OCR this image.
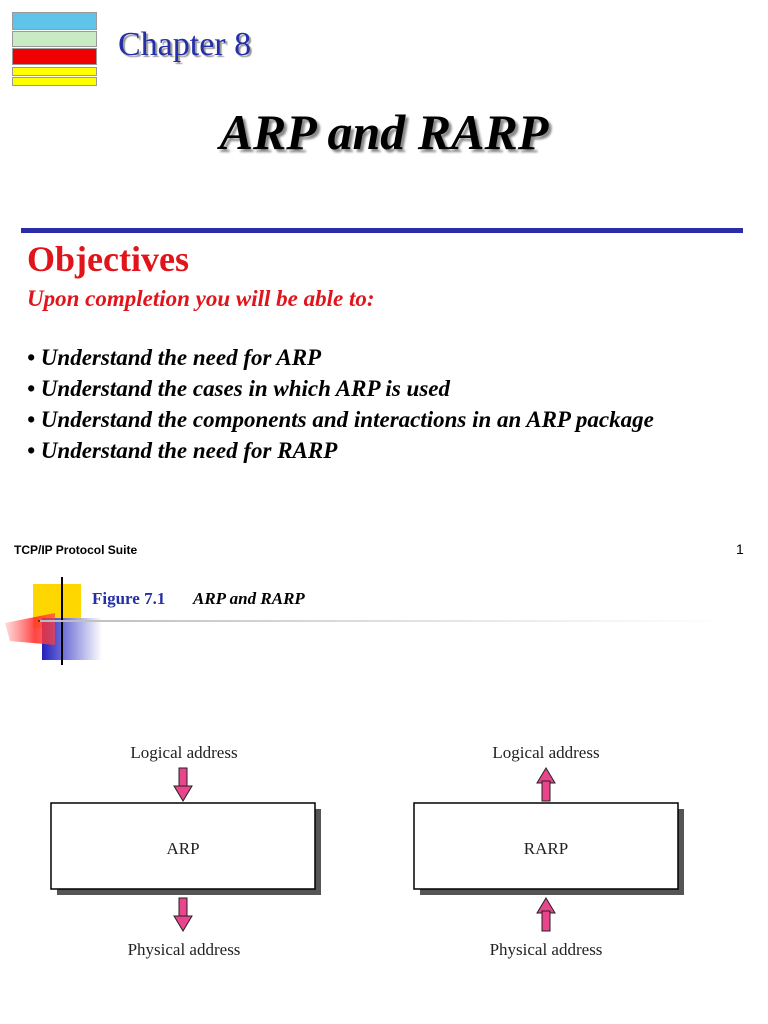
Chapter 8
ARP and RARP
Objectives
Upon completion you will be able to:
• Understand the need for ARP
• Understand the cases in which ARP is used
• Understand the components and interactions in an ARP package
• Understand the need for RARP
TCP/IP Protocol Suite	1
Figure 7.1 ARP and RARP
Logical address
ARP
Physical address
Logical address
RARP
Physical address
